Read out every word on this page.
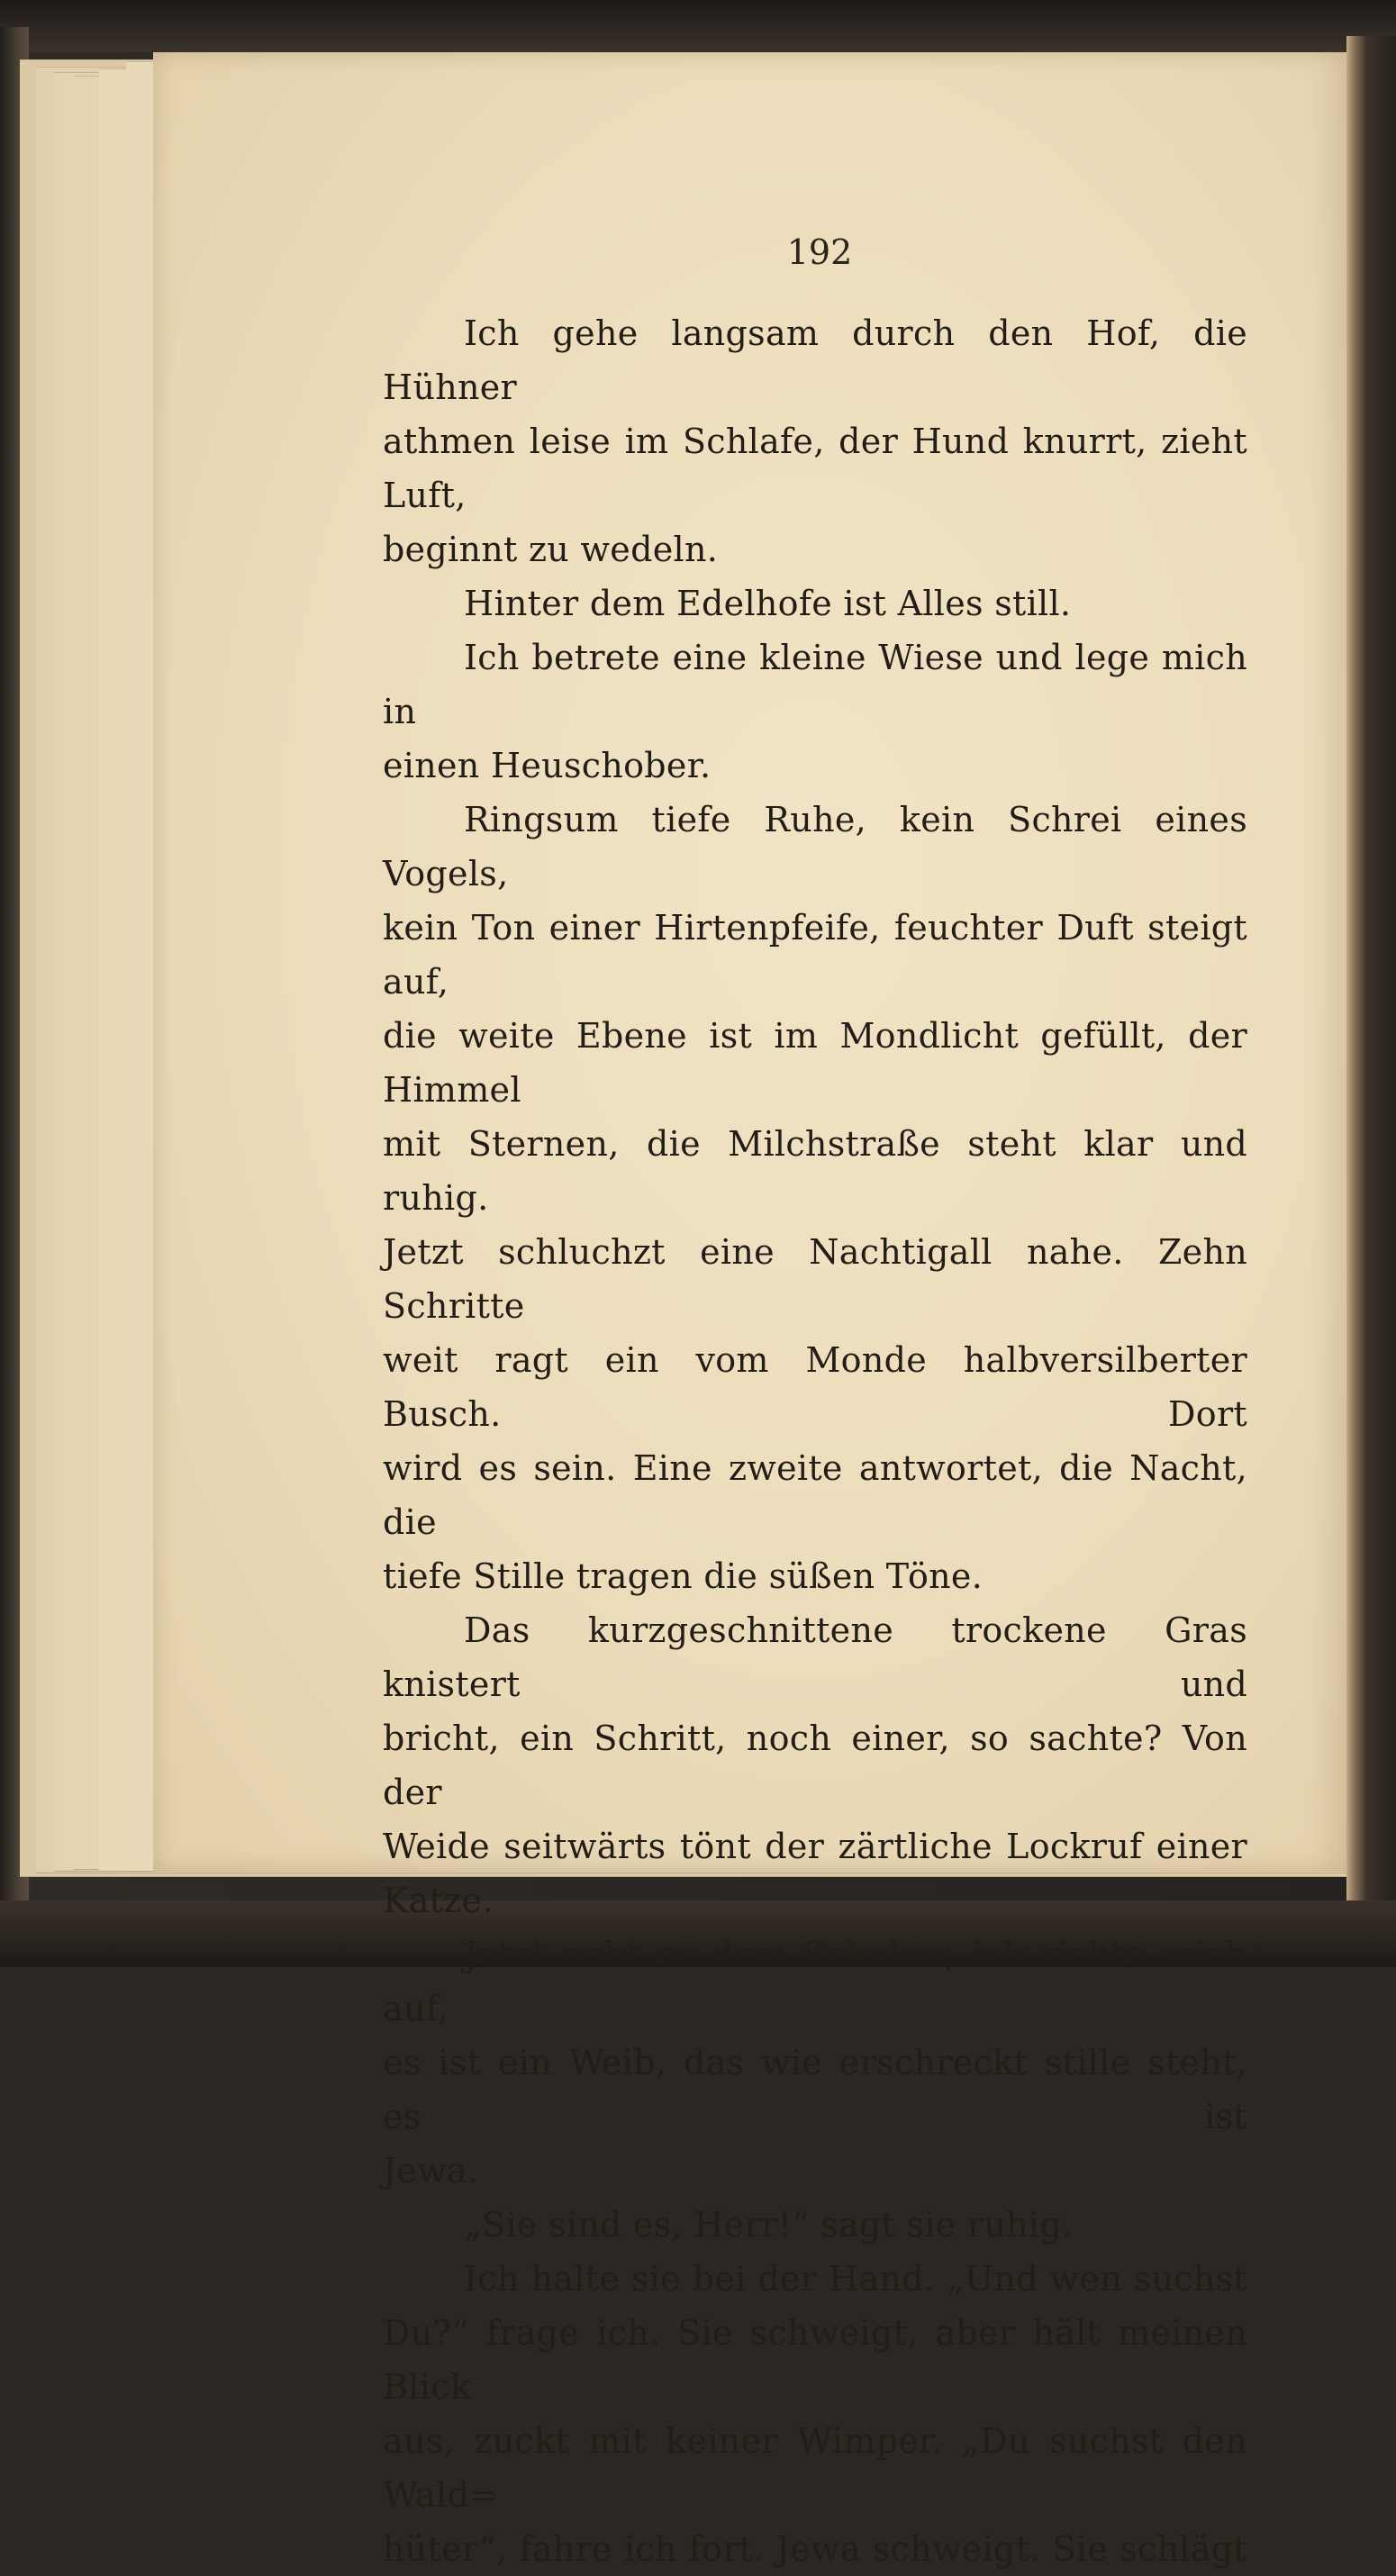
192

Ich gehe langsam durch den Hof, die Hühner
athmen leise im Schlafe, der Hund knurrt, zieht Luft,
beginnt zu wedeln.

Hinter dem Edelhofe ist Alles still.

Ich betrete eine kleine Wiese und lege mich in
einen Heuschober.

Ringsum tiefe Ruhe, kein Schrei eines Vogels,
kein Ton einer Hirtenpfeife, feuchter Duft steigt auf,
die weite Ebene ist im Mondlicht gefüllt, der Himmel
mit Sternen, die Milchstraße steht klar und ruhig.
Jetzt schluchzt eine Nachtigall nahe. Zehn Schritte
weit ragt ein vom Monde halbversilberter Busch. Dort
wird es sein. Eine zweite antwortet, die Nacht, die
tiefe Stille tragen die süßen Töne.

Das kurzgeschnittene trockene Gras knistert und
bricht, ein Schritt, noch einer, so sachte? Von der
Weide seitwärts tönt der zärtliche Lockruf einer Katze.

Jetzt naht es dem Schober, ich richte mich auf,
es ist ein Weib, das wie erschreckt stille steht, es ist
Jewa.

„Sie sind es, Herr!“ sagt sie ruhig.

Ich halte sie bei der Hand. „Und wen suchst
Du?“ frage ich. Sie schweigt, aber hält meinen Blick
aus, zuckt mit keiner Wimper. „Du suchst den Wald=
hüter“, fahre ich fort. Jewa schweigt. Sie schlägt
